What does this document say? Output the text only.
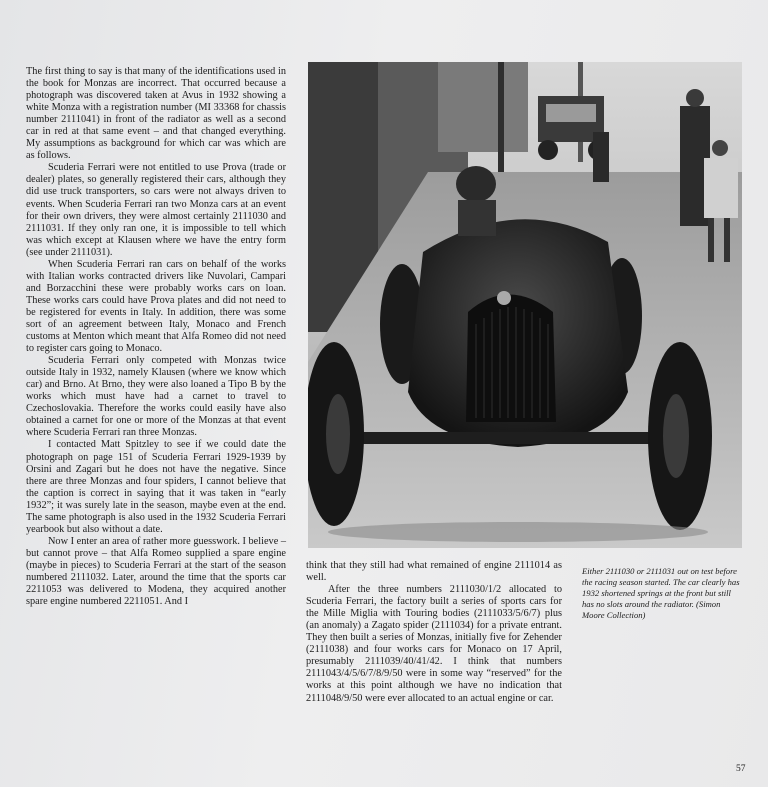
The first thing to say is that many of the identifications used in the book for Monzas are incorrect. That occurred because a photograph was discovered taken at Avus in 1932 showing a white Monza with a registration number (MI 33368 for chassis number 2111041) in front of the radiator as well as a second car in red at that same event – and that changed everything. My assumptions as background for which car was which are as follows.

Scuderia Ferrari were not entitled to use Prova (trade or dealer) plates, so generally registered their cars, although they did use truck transporters, so cars were not always driven to events. When Scuderia Ferrari ran two Monza cars at an event for their own drivers, they were almost certainly 2111030 and 2111031. If they only ran one, it is impossible to tell which was which except at Klausen where we have the entry form (see under 2111031).

When Scuderia Ferrari ran cars on behalf of the works with Italian works contracted drivers like Nuvolari, Campari and Borzacchini these were probably works cars on loan. These works cars could have Prova plates and did not need to be registered for events in Italy. In addition, there was some sort of an agreement between Italy, Monaco and French customs at Menton which meant that Alfa Romeo did not need to register cars going to Monaco.

Scuderia Ferrari only competed with Monzas twice outside Italy in 1932, namely Klausen (where we know which car) and Brno. At Brno, they were also loaned a Tipo B by the works which must have had a carnet to travel to Czechoslovakia. Therefore the works could easily have also obtained a carnet for one or more of the Monzas at that event where Scuderia Ferrari ran three Monzas.

I contacted Matt Spitzley to see if we could date the photograph on page 151 of Scuderia Ferrari 1929-1939 by Orsini and Zagari but he does not have the negative. Since there are three Monzas and four spiders, I cannot believe that the caption is correct in saying that it was taken in “early 1932”; it was surely late in the season, maybe even at the end. The same photograph is also used in the 1932 Scuderia Ferrari yearbook but also without a date.

Now I enter an area of rather more guesswork. I believe – but cannot prove – that Alfa Romeo supplied a spare engine (maybe in pieces) to Scuderia Ferrari at the start of the season numbered 2111032. Later, around the time that the sports car 2211053 was delivered to Modena, they acquired another spare engine numbered 2211051. And I

think that they still had what remained of engine 2111014 as well.

After the three numbers 2111030/1/2 allocated to Scuderia Ferrari, the factory built a series of sports cars for the Mille Miglia with Touring bodies (2111033/5/6/7) plus (an anomaly) a Zagato spider (2111034) for a private entrant. They then built a series of Monzas, initially five for Zehender (2111038) and four works cars for Monaco on 17 April, presumably 2111039/40/41/42. I think that numbers 2111043/4/5/6/7/8/9/50 were in some way “reserved” for the works at this point although we have no indication that 2111048/9/50 were ever allocated to an actual engine or car.

Either 2111030 or 2111031 out on test before the racing season started. The car clearly has 1932 shortened springs at the front but still has no slots around the radiator. (Simon Moore Collection)
57
